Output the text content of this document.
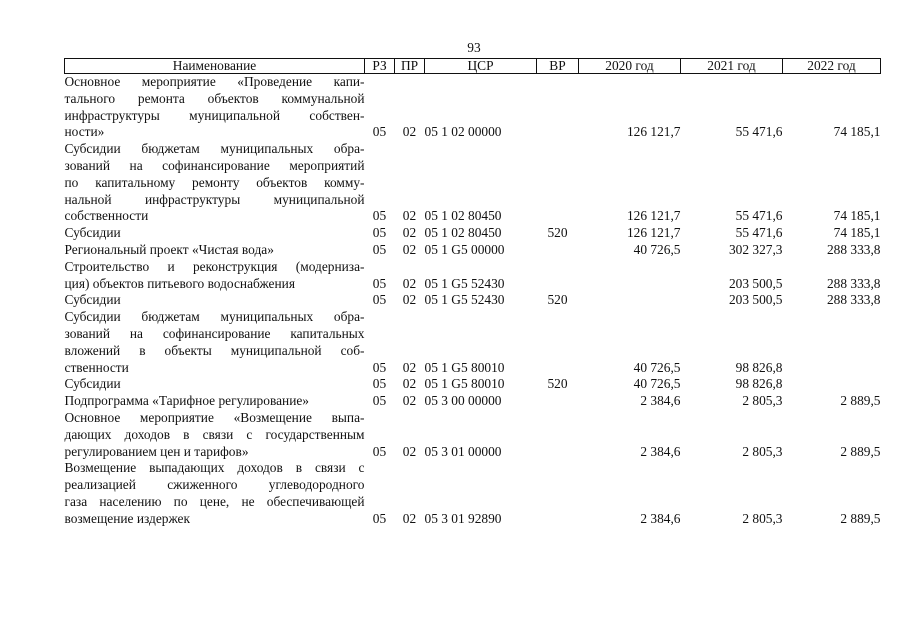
93
Наименование	РЗ	ПР	ЦСР	ВР	2020 год	2021 год	2022 год

Основное мероприятие «Проведение капи-
тального ремонта объектов коммунальной
инфраструктуры муниципальной собствен-
ности»	05	02	05 1 02 00000		126 121,7	55 471,6	74 185,1

Субсидии бюджетам муниципальных обра-
зований на софинансирование мероприятий
по капитальному ремонту объектов комму-
нальной инфраструктуры муниципальной
собственности	05	02	05 1 02 80450		126 121,7	55 471,6	74 185,1

Субсидии	05	02	05 1 02 80450	520	126 121,7	55 471,6	74 185,1

Региональный проект «Чистая вода»	05	02	05 1 G5 00000		40 726,5	302 327,3	288 333,8

Строительство и реконструкция (модерниза-
ция) объектов питьевого водоснабжения	05	02	05 1 G5 52430			203 500,5	288 333,8

Субсидии	05	02	05 1 G5 52430	520		203 500,5	288 333,8

Субсидии бюджетам муниципальных обра-
зований на софинансирование капитальных
вложений в объекты муниципальной соб-
ственности	05	02	05 1 G5 80010		40 726,5	98 826,8	

Субсидии	05	02	05 1 G5 80010	520	40 726,5	98 826,8	

Подпрограмма «Тарифное регулирование»	05	02	05 3 00 00000		2 384,6	2 805,3	2 889,5

Основное мероприятие «Возмещение выпа-
дающих доходов в связи с государственным
регулированием цен и тарифов»	05	02	05 3 01 00000		2 384,6	2 805,3	2 889,5

Возмещение выпадающих доходов в связи с
реализацией сжиженного углеводородного
газа населению по цене, не обеспечивающей
возмещение издержек	05	02	05 3 01 92890		2 384,6	2 805,3	2 889,5
